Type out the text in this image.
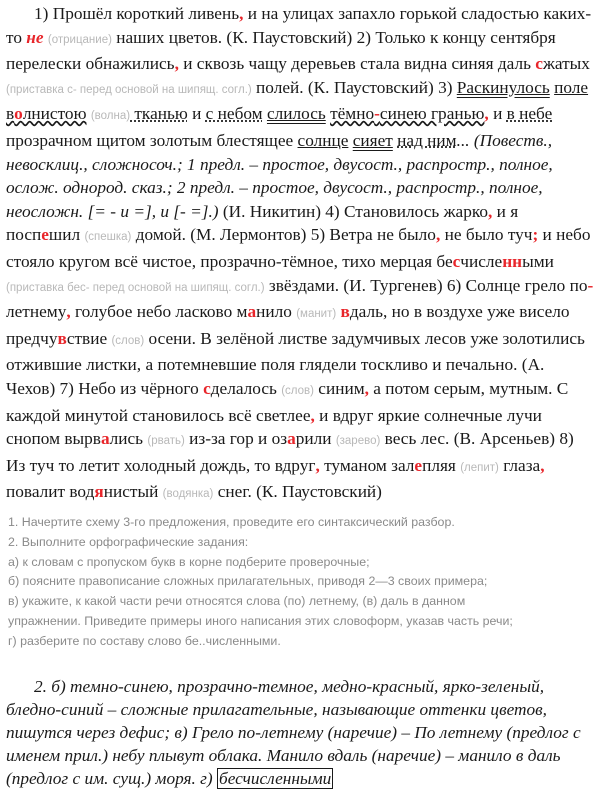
1) Прошёл короткий ливень, и на улицах запахло горькой сладостью каких-то не (отрицание) наших цветов. (К. Паустовский) 2) Только к концу сентября перелески обнажились, и сквозь чащу деревьев стала видна синяя даль сжатых (приставка с- перед основой на шипящ. согл.) полей. (К. Паустовский) 3) Раскинулось поле волнистою (волна) тканью и с небом слилось тёмно-синею гранью, и в небе прозрачном щитом золотым блестящее солнце сияет над ним... (Повеств., невосклиц., сложносоч.; 1 предл. – простое, двусост., распростр., полное, ослож. однород. сказ.; 2 предл. – простое, двусост., распростр., полное, неосложн. [= - и =], и [- =].) (И. Никитин) 4) Становилось жарко, и я поспешил (спешка) домой. (М. Лермонтов) 5) Ветра не было, не было туч; и небо стояло кругом всё чистое, прозрачно-тёмное, тихо мерцая бесчисленными (приставка бес- перед основой на шипящ. согл.) звёздами. (И. Тургенев) 6) Солнце грело по-летнему, голубое небо ласково манило (манит) вдаль, но в воздухе уже висело предчувствие (слов) осени. В зелёной листве задумчивых лесов уже золотились отжившие листки, а потемневшие поля глядели тоскливо и печально. (А. Чехов) 7) Небо из чёрного сделалось (слов) синим, а потом серым, мутным. С каждой минутой становилось всё светлее, и вдруг яркие солнечные лучи снопом вырвались (рвать) из-за гор и озарили (зарево) весь лес. (В. Арсеньев) 8) Из туч то летит холодный дождь, то вдруг, туманом залепляя (лепит) глаза, повалит водянистый (водянка) снег. (К. Паустовский)

1. Начертите схему 3-го предложения, проведите его синтаксический разбор.
2. Выполните орфографические задания:
а) к словам с пропуском букв в корне подберите проверочные;
б) поясните правописание сложных прилагательных, приводя 2—3 своих примера;
в) укажите, к какой части речи относятся слова (по) летнему, (в) даль в данном
упражнении. Приведите примеры иного написания этих словоформ, указав часть речи;
г) разберите по составу слово бе..численными.

2. б) темно-синею, прозрачно-темное, медно-красный, ярко-зеленый, бледно-синий – сложные прилагательные, называющие оттенки цветов, пишутся через дефис; в) Грело по-летнему (наречие) – По летнему (предлог с именем прил.) небу плывут облака. Манило вдаль (наречие) – манило в даль (предлог с им. сущ.) моря. г) бесчисленными
